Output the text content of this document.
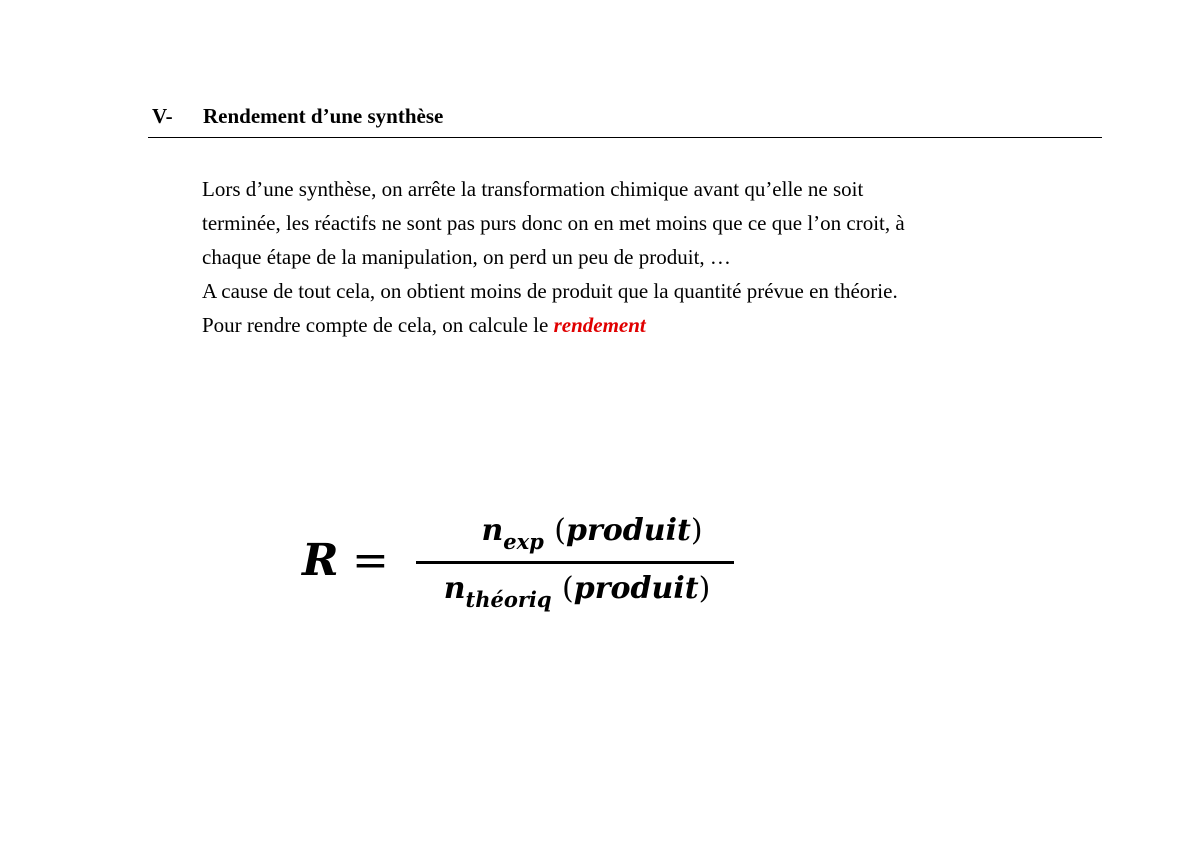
V- Rendement d’une synthèse
Lors d’une synthèse, on arrête la transformation chimique avant qu’elle ne soit
terminée, les réactifs ne sont pas purs donc on en met moins que ce que l’on croit, à
chaque étape de la manipulation, on perd un peu de produit, …
A cause de tout cela, on obtient moins de produit que la quantité prévue en théorie.
Pour rendre compte de cela, on calcule le rendement
R =
$n_{exp}$ (produit)
$n_{théoriq}$ (produit)
